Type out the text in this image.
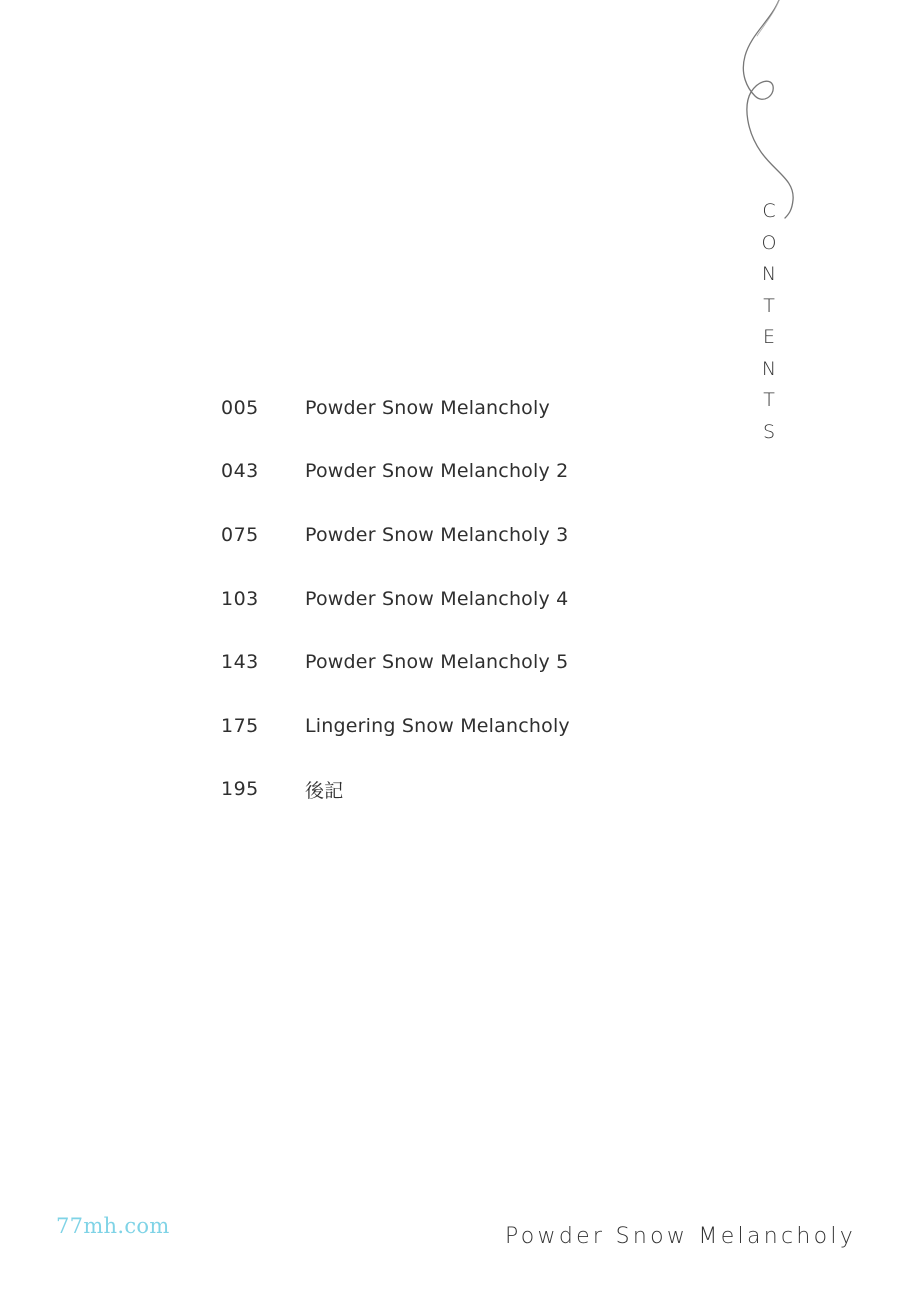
C
O
N
T
E
N
T
S
005	Powder Snow Melancholy
043	Powder Snow Melancholy 2
075	Powder Snow Melancholy 3
103	Powder Snow Melancholy 4
143	Powder Snow Melancholy 5
175	Lingering Snow Melancholy
195	後記
77mh.com	Powder Snow Melancholy
